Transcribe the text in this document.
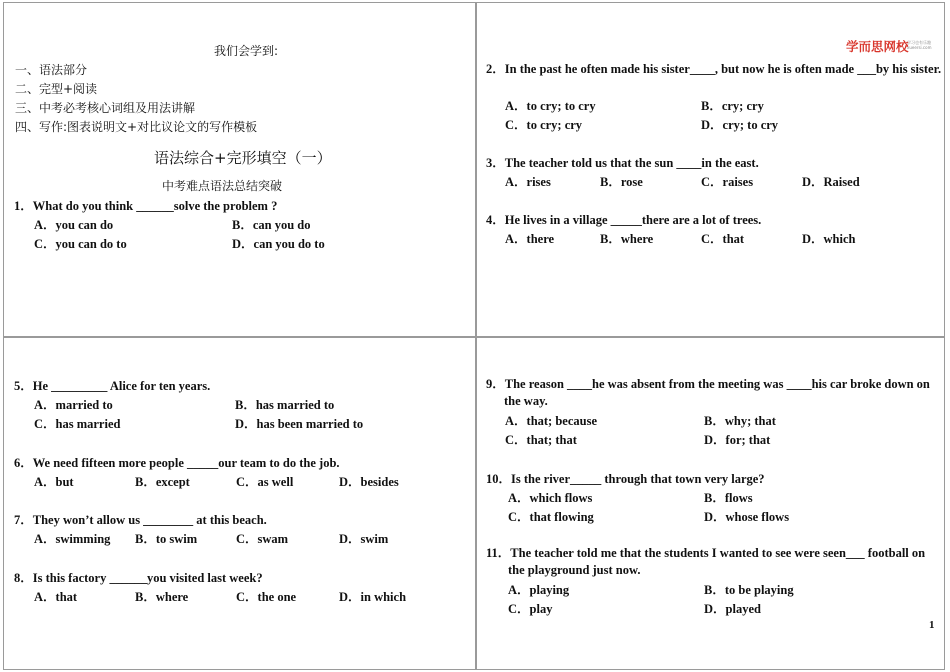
学而思网校
学习也有乐趣 xueersi.com
我们会学到:
一、语法部分
二、完型+阅读
三、中考必考核心词组及用法讲解
四、写作:图表说明文+对比议论文的写作模板
语法综合+完形填空（一）
中考难点语法总结突破
1．What do you think ______solve the problem ?
A．you can do	B．can you do
C．you can do to	D．can you do to
2．In the past he often made his sister____, but now he is often made ___by his sister.
A．to cry; to cry	B．cry; cry
C．to cry; cry	D．cry; to cry
3．The teacher told us that the sun ____in the east.
A．rises	B．rose	C．raises	D．Raised
4．He lives in a village _____there are a lot of trees.
A．there	B．where	C．that	D．which
5．He _________ Alice for ten years.
A．married to	B．has married to
C．has married	D．has been married to
6．We need fifteen more people _____our team to do the job.
A．but	B．except	C．as well	D．besides
7．They won’t allow us ________ at this beach.
A．swimming B．to swim	C．swam	D．swim
8．Is this factory ______you visited last week?
A．that	B．where	C．the one	D．in which
9．The reason ____he was absent from the meeting was ____his car broke down on the way.
A．that; because	B．why; that
C．that; that	D．for; that
10．Is the river_____ through that town very large?
A．which flows	B．flows
C．that flowing	D．whose flows
11．The teacher told me that the students I wanted to see were seen___ football on the playground just now.
A．playing	B．to be playing
C．play	D．played
1
